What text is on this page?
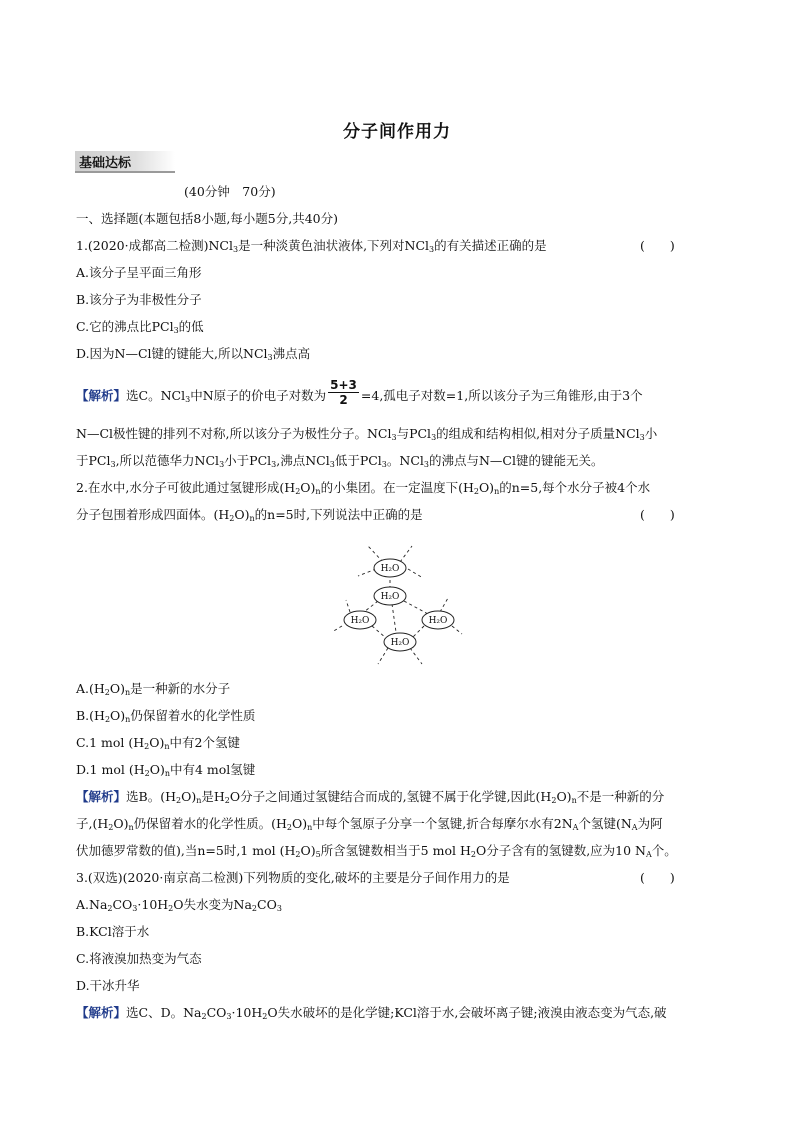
分子间作用力
基础达标
(40分钟　70分)
一、选择题(本题包括8小题,每小题5分,共40分)
1.(2020·成都高二检测)NCl$_3$是一种淡黄色油状液体,下列对NCl$_3$的有关描述正确的是	(　　)
A.该分子呈平面三角形
B.该分子为非极性分子
C.它的沸点比PCl$_3$的低
D.因为N—Cl键的键能大,所以NCl$_3$沸点高
【解析】选C。NCl$_3$中N原子的价电子对数为 $\frac{5+3}{2} =4$,孤电子对数=1,所以该分子为三角锥形,由于3个
N—Cl极性键的排列不对称,所以该分子为极性分子。NCl$_3$与PCl$_3$的组成和结构相似,相对分子质量NCl$_3$小
于PCl$_3$,所以范德华力NCl$_3$小于PCl$_3$,沸点NCl$_3$低于PCl$_3$。NCl$_3$的沸点与N—Cl键的键能无关。
2.在水中,水分子可彼此通过氢键形成$(H_2O)_n$的小集团。在一定温度下$(H_2O)_n$的n=5,每个水分子被4个水
分子包围着形成四面体。$(H_2O)_n$的n=5时,下列说法中正确的是	(　　)
H₂O
H₂O
H₂O	H₂O
H₂O
$A.(H_2O)_n$是一种新的水分子
$B.(H_2O)_n$仍保留着水的化学性质
C.1 mol $(H_2O)_n$中有2个氢键
D.1 mol $(H_2O)_n$中有4 mol氢键
【解析】选B。$(H_2O)_n$是$H_2O$分子之间通过氢键结合而成的,氢键不属于化学键,因此$(H_2O)_n$不是一种新的分
子$,(H_2O)_n$仍保留着水的化学性质。$(H_2O)_n$中每个氢原子分享一个氢键,折合每摩尔水有$2N_A$个氢键($N_A$为阿
伏加德罗常数的值),当n=5时,1 mol $(H_2O)_5$所含氢键数相当于5 mol $H_2O$分子含有的氢键数,应为10 $N_A$个。
3.(双选)(2020·南京高二检测)下列物质的变化,破坏的主要是分子间作用力的是	(　　)
$A.Na_2CO_3\cdot 10H_2O$失水变为$Na_2CO_3$
B.KCl溶于水
C.将液溴加热变为气态
D.干冰升华
【解析】选C、D。$Na_2CO_3\cdot 10H_2O$失水破坏的是化学键;KCl溶于水,会破坏离子键;液溴由液态变为气态,破
